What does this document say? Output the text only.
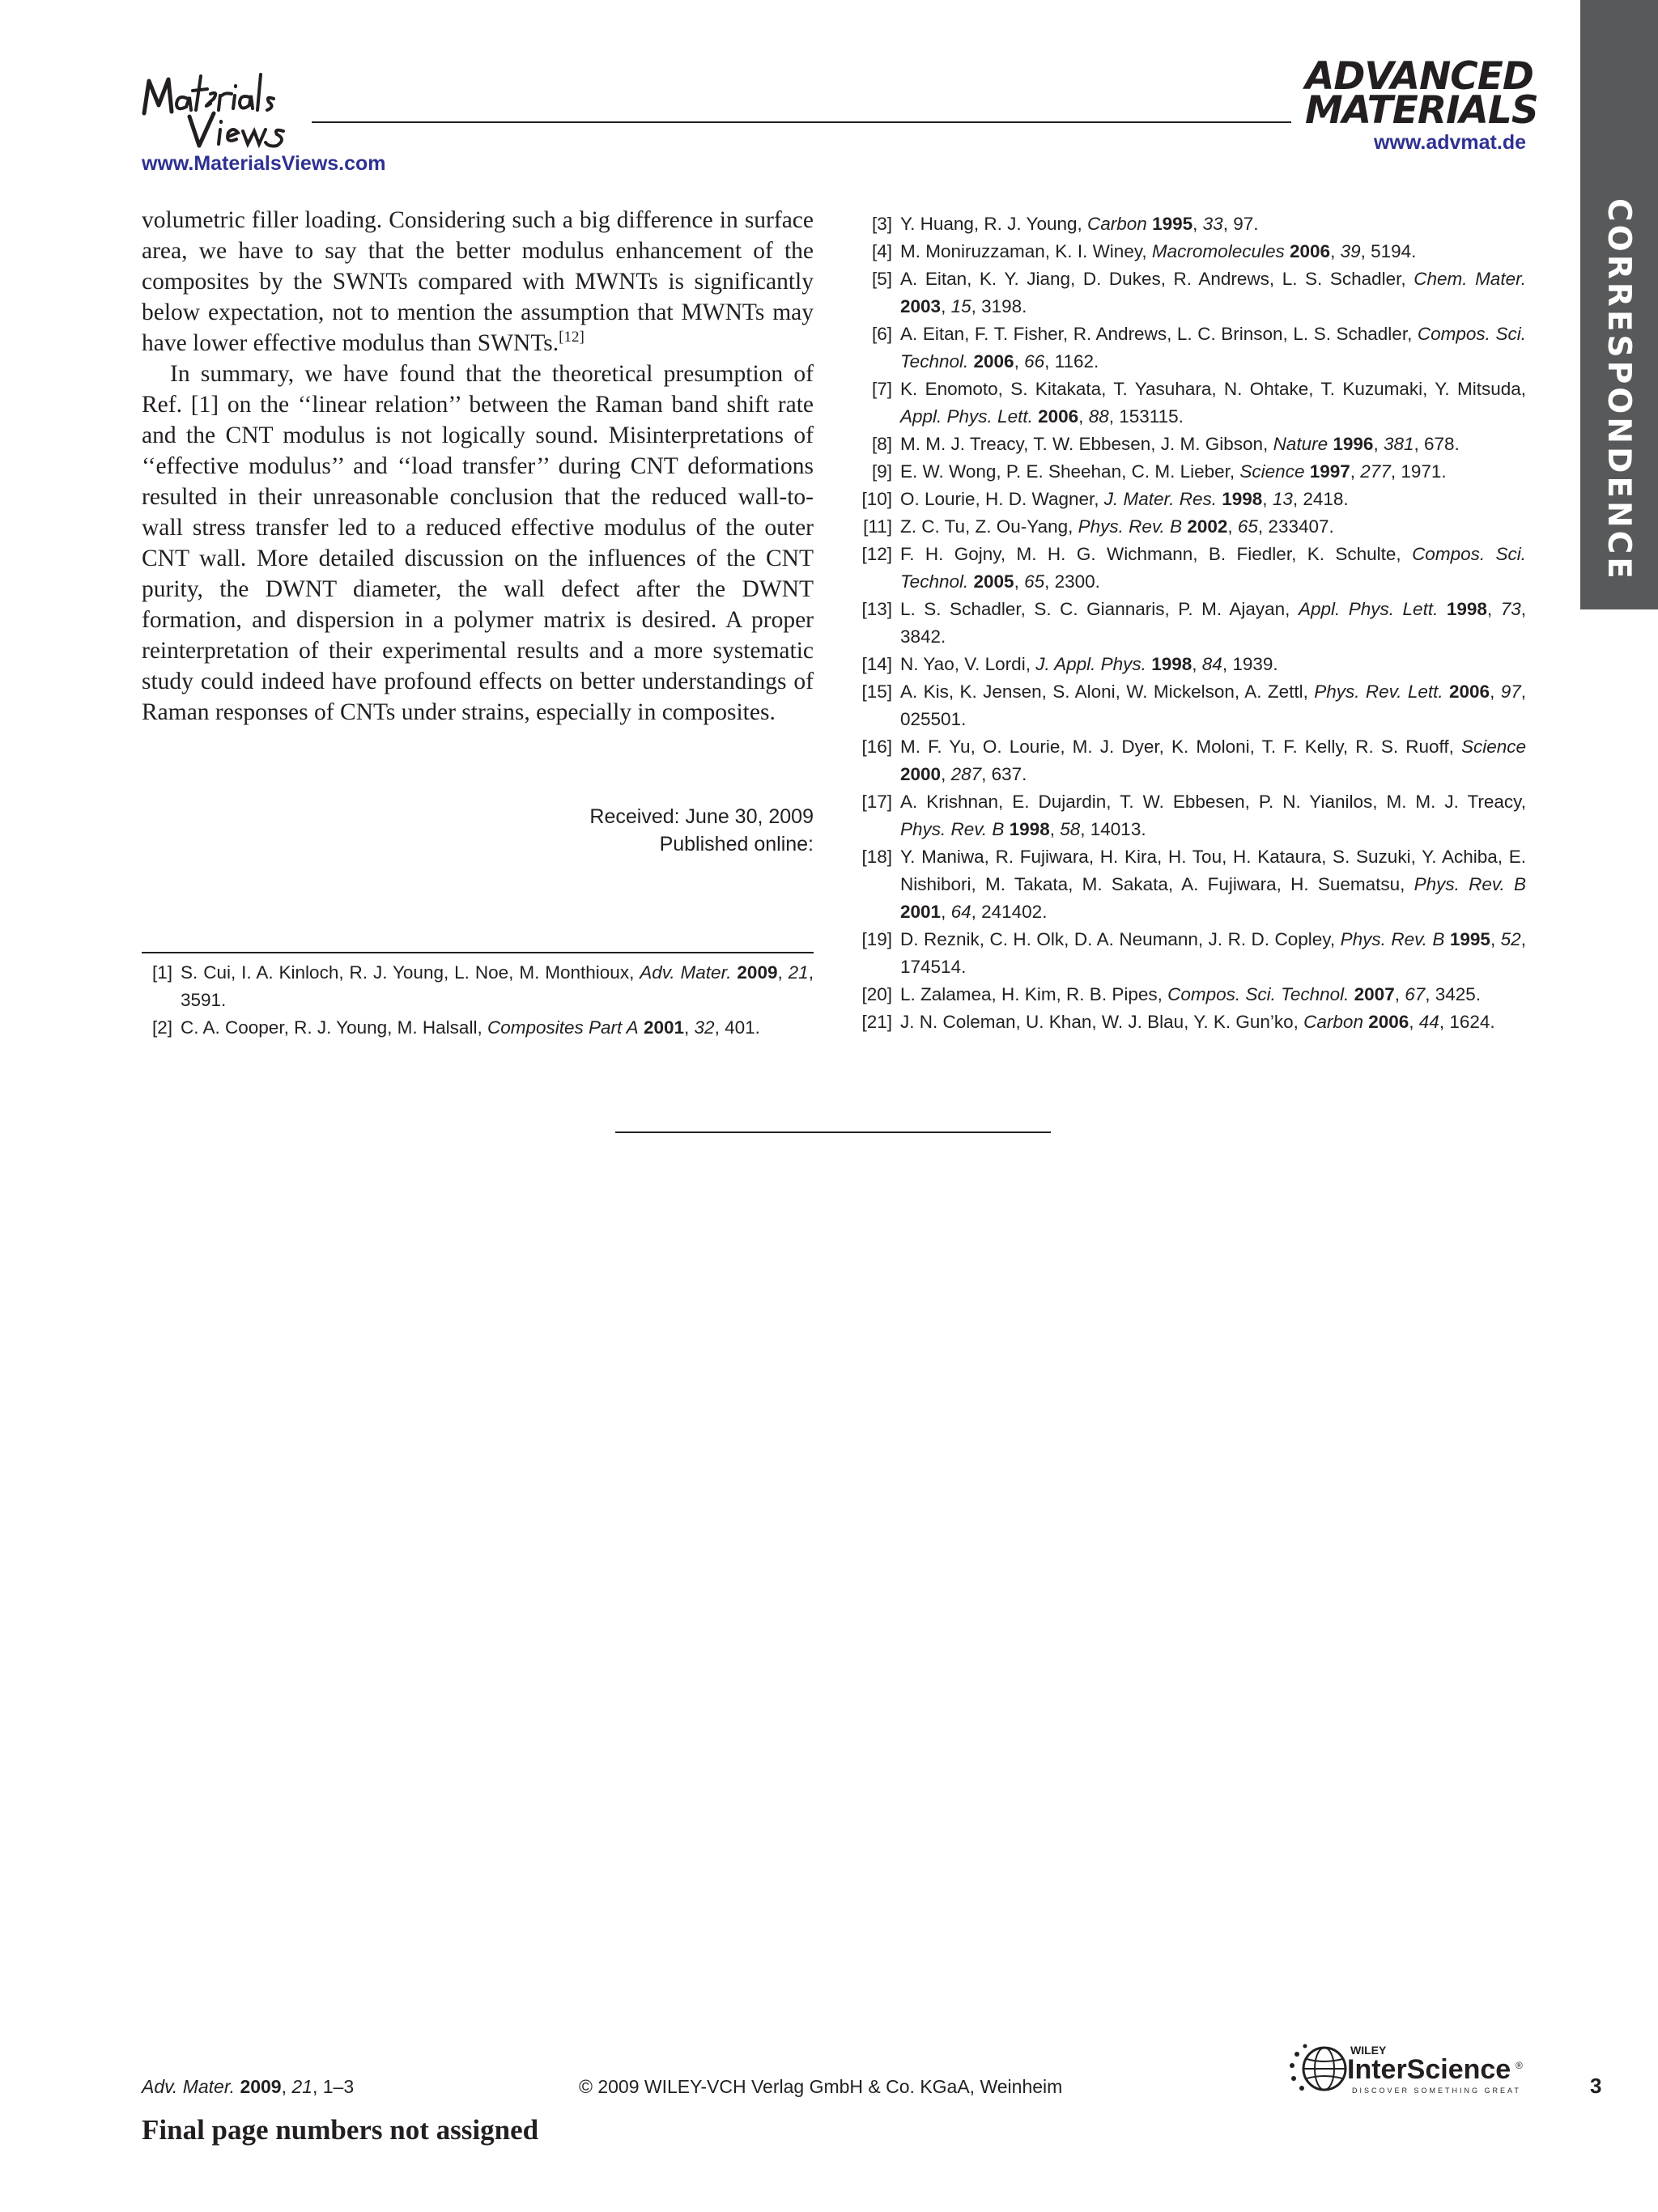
www.MaterialsViews.com
ADVANCED
MATERIALS
www.advmat.de
CORRESPONDENCE

volumetric filler loading. Considering such a big difference in surface area, we have to say that the better modulus enhancement of the composites by the SWNTs compared with MWNTs is significantly below expectation, not to mention the assumption that MWNTs may have lower effective modulus than SWNTs.[12]

In summary, we have found that the theoretical presumption of Ref. [1] on the ‘‘linear relation’’ between the Raman band shift rate and the CNT modulus is not logically sound. Misinterpretations of ‘‘effective modulus’’ and ‘‘load transfer’’ during CNT deformations resulted in their unreasonable conclusion that the reduced wall-to-wall stress transfer led to a reduced effective modulus of the outer CNT wall. More detailed discussion on the influences of the CNT purity, the DWNT diameter, the wall defect after the DWNT formation, and dispersion in a polymer matrix is desired. A proper reinterpretation of their experimental results and a more systematic study could indeed have profound effects on better understandings of Raman responses of CNTs under strains, especially in composites.

Received: June 30, 2009
Published online:
[1] S. Cui, I. A. Kinloch, R. J. Young, L. Noe, M. Monthioux, Adv. Mater. 2009, 21, 3591.
[2] C. A. Cooper, R. J. Young, M. Halsall, Composites Part A 2001, 32, 401.
[3] Y. Huang, R. J. Young, Carbon 1995, 33, 97.
[4] M. Moniruzzaman, K. I. Winey, Macromolecules 2006, 39, 5194.
[5] A. Eitan, K. Y. Jiang, D. Dukes, R. Andrews, L. S. Schadler, Chem. Mater. 2003, 15, 3198.
[6] A. Eitan, F. T. Fisher, R. Andrews, L. C. Brinson, L. S. Schadler, Compos. Sci. Technol. 2006, 66, 1162.
[7] K. Enomoto, S. Kitakata, T. Yasuhara, N. Ohtake, T. Kuzumaki, Y. Mitsuda, Appl. Phys. Lett. 2006, 88, 153115.
[8] M. M. J. Treacy, T. W. Ebbesen, J. M. Gibson, Nature 1996, 381, 678.
[9] E. W. Wong, P. E. Sheehan, C. M. Lieber, Science 1997, 277, 1971.
[10] O. Lourie, H. D. Wagner, J. Mater. Res. 1998, 13, 2418.
[11] Z. C. Tu, Z. Ou-Yang, Phys. Rev. B 2002, 65, 233407.
[12] F. H. Gojny, M. H. G. Wichmann, B. Fiedler, K. Schulte, Compos. Sci. Technol. 2005, 65, 2300.
[13] L. S. Schadler, S. C. Giannaris, P. M. Ajayan, Appl. Phys. Lett. 1998, 73, 3842.
[14] N. Yao, V. Lordi, J. Appl. Phys. 1998, 84, 1939.
[15] A. Kis, K. Jensen, S. Aloni, W. Mickelson, A. Zettl, Phys. Rev. Lett. 2006, 97, 025501.
[16] M. F. Yu, O. Lourie, M. J. Dyer, K. Moloni, T. F. Kelly, R. S. Ruoff, Science 2000, 287, 637.
[17] A. Krishnan, E. Dujardin, T. W. Ebbesen, P. N. Yianilos, M. M. J. Treacy, Phys. Rev. B 1998, 58, 14013.
[18] Y. Maniwa, R. Fujiwara, H. Kira, H. Tou, H. Kataura, S. Suzuki, Y. Achiba, E. Nishibori, M. Takata, M. Sakata, A. Fujiwara, H. Suematsu, Phys. Rev. B 2001, 64, 241402.
[19] D. Reznik, C. H. Olk, D. A. Neumann, J. R. D. Copley, Phys. Rev. B 1995, 52, 174514.
[20] L. Zalamea, H. Kim, R. B. Pipes, Compos. Sci. Technol. 2007, 67, 3425.
[21] J. N. Coleman, U. Khan, W. J. Blau, Y. K. Gun’ko, Carbon 2006, 44, 1624.
Adv. Mater. 2009, 21, 1–3	© 2009 WILEY-VCH Verlag GmbH & Co. KGaA, Weinheim
WILEY
InterScience ®
DISCOVER SOMETHING GREAT	3
Final page numbers not assigned
